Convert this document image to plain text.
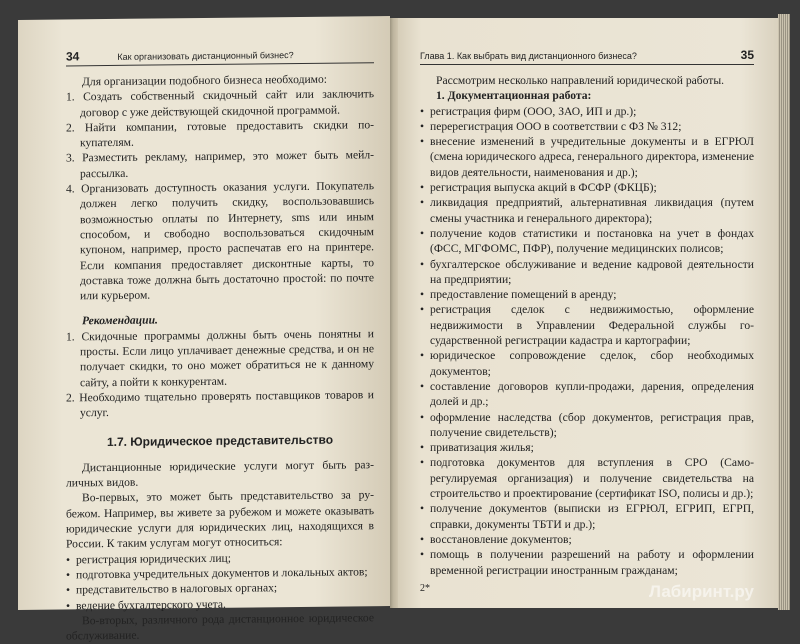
34	Как организовать дистанционный бизнес?

Для организации подобного бизнеса необходимо:

1. Создать собственный скидочный сайт или заключить договор с уже действующей скидочной программой.
2. Найти компании, готовые предоставить скидки покупателям.
3. Разместить рекламу, например, это может быть мейл-рассылка.
4. Организовать доступность оказания услуги. Покупатель должен легко получить скидку, воспользовавшись возможностью оплаты по Интернету, sms или иным способом, и свободно воспользоваться скидочным купоном, например, просто распечатав его на принтере. Если компания предоставляет дисконтные карты, то доставка тоже должна быть достаточно простой: по почте или курьером.

Рекомендации.

1. Скидочные программы должны быть очень понятны и просты. Если лицо уплачивает денежные средства, и он не получает скидки, то оно может обратиться не к данному сайту, а пойти к конкурентам.
2. Необходимо тщательно проверять поставщиков товаров и услуг.
1.7. Юридическое представительство

Дистанционные юридические услуги могут быть различных видов.

Во-первых, это может быть представительство за рубежом. Например, вы живете за рубежом и можете оказывать юридические услуги для юридических лиц, находящихся в России. К таким услугам могут относиться:

• регистрация юридических лиц;
• подготовка учредительных документов и локальных актов;
• представительство в налоговых органах;
• ведение бухгалтерского учета.

Во-вторых, различного рода дистанционное юридическое обслуживание.

Глава 1. Как выбрать вид дистанционного бизнеса?	35

Рассмотрим несколько направлений юридической работы.

1. Документационная работа:

• регистрация фирм (ООО, ЗАО, ИП и др.);
• перерегистрация ООО в соответствии с ФЗ № 312;
• внесение изменений в учредительные документы и в ЕГРЮЛ (смена юридического адреса, генерального директора, изменение видов деятельности, наименования и др.);
• регистрация выпуска акций в ФСФР (ФКЦБ);
• ликвидация предприятий, альтернативная ликвидация (путем смены участника и генерального директора);
• получение кодов статистики и постановка на учет в фондах (ФСС, МГФОМС, ПФР), получение медицинских полисов;
• бухгалтерское обслуживание и ведение кадровой деятельности на предприятии;
• предоставление помещений в аренду;
• регистрация сделок с недвижимостью, оформление недвижимости в Управлении Федеральной службы государственной регистрации кадастра и картографии;
• юридическое сопровождение сделок, сбор необходимых документов;
• составление договоров купли-продажи, дарения, определения долей и др.;
• оформление наследства (сбор документов, регистрация прав, получение свидетельств);
• приватизация жилья;
• подготовка документов для вступления в СРО (Саморегулируемая организация) и получение свидетельства на строительство и проектирование (сертификат ISO, полисы и др.);
• получение документов (выписки из ЕГРЮЛ, ЕГРИП, ЕГРП, справки, документы ТБТИ и др.);
• восстановление документов;
• помощь в получении разрешений на работу и оформлении временной регистрации иностранным гражданам;
2*	Лабиринт.ру
